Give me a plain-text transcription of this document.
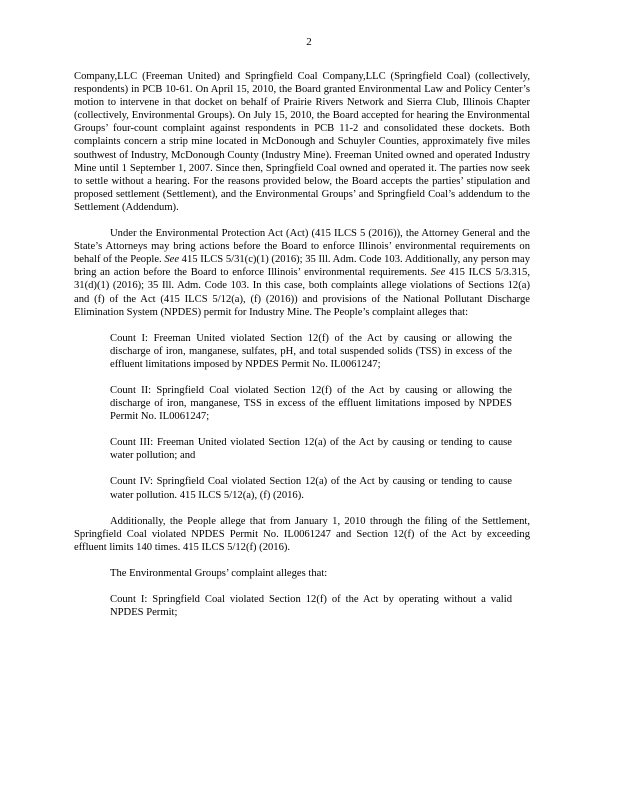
2

Company,LLC (Freeman United) and Springfield Coal Company,LLC (Springfield Coal) (collectively, respondents) in PCB 10-61. On April 15, 2010, the Board granted Environmental Law and Policy Center’s motion to intervene in that docket on behalf of Prairie Rivers Network and Sierra Club, Illinois Chapter (collectively, Environmental Groups). On July 15, 2010, the Board accepted for hearing the Environmental Groups’ four-count complaint against respondents in PCB 11-2 and consolidated these dockets. Both complaints concern a strip mine located in McDonough and Schuyler Counties, approximately five miles southwest of Industry, McDonough County (Industry Mine). Freeman United owned and operated Industry Mine until 1 September 1, 2007. Since then, Springfield Coal owned and operated it. The parties now seek to settle without a hearing. For the reasons provided below, the Board accepts the parties’ stipulation and proposed settlement (Settlement), and the Environmental Groups’ and Springfield Coal’s addendum to the Settlement (Addendum).

Under the Environmental Protection Act (Act) (415 ILCS 5 (2016)), the Attorney General and the State’s Attorneys may bring actions before the Board to enforce Illinois’ environmental requirements on behalf of the People. See 415 ILCS 5/31(c)(1) (2016); 35 Ill. Adm. Code 103. Additionally, any person may bring an action before the Board to enforce Illinois’ environmental requirements. See 415 ILCS 5/3.315, 31(d)(1) (2016); 35 Ill. Adm. Code 103. In this case, both complaints allege violations of Sections 12(a) and (f) of the Act (415 ILCS 5/12(a), (f) (2016)) and provisions of the National Pollutant Discharge Elimination System (NPDES) permit for Industry Mine. The People’s complaint alleges that:

Count I: Freeman United violated Section 12(f) of the Act by causing or allowing the discharge of iron, manganese, sulfates, pH, and total suspended solids (TSS) in excess of the effluent limitations imposed by NPDES Permit No. IL0061247;

Count II: Springfield Coal violated Section 12(f) of the Act by causing or allowing the discharge of iron, manganese, TSS in excess of the effluent limitations imposed by NPDES Permit No. IL0061247;

Count III: Freeman United violated Section 12(a) of the Act by causing or tending to cause water pollution; and

Count IV: Springfield Coal violated Section 12(a) of the Act by causing or tending to cause water pollution. 415 ILCS 5/12(a), (f) (2016).

Additionally, the People allege that from January 1, 2010 through the filing of the Settlement, Springfield Coal violated NPDES Permit No. IL0061247 and Section 12(f) of the Act by exceeding effluent limits 140 times. 415 ILCS 5/12(f) (2016).

The Environmental Groups’ complaint alleges that:

Count I: Springfield Coal violated Section 12(f) of the Act by operating without a valid NPDES Permit;
